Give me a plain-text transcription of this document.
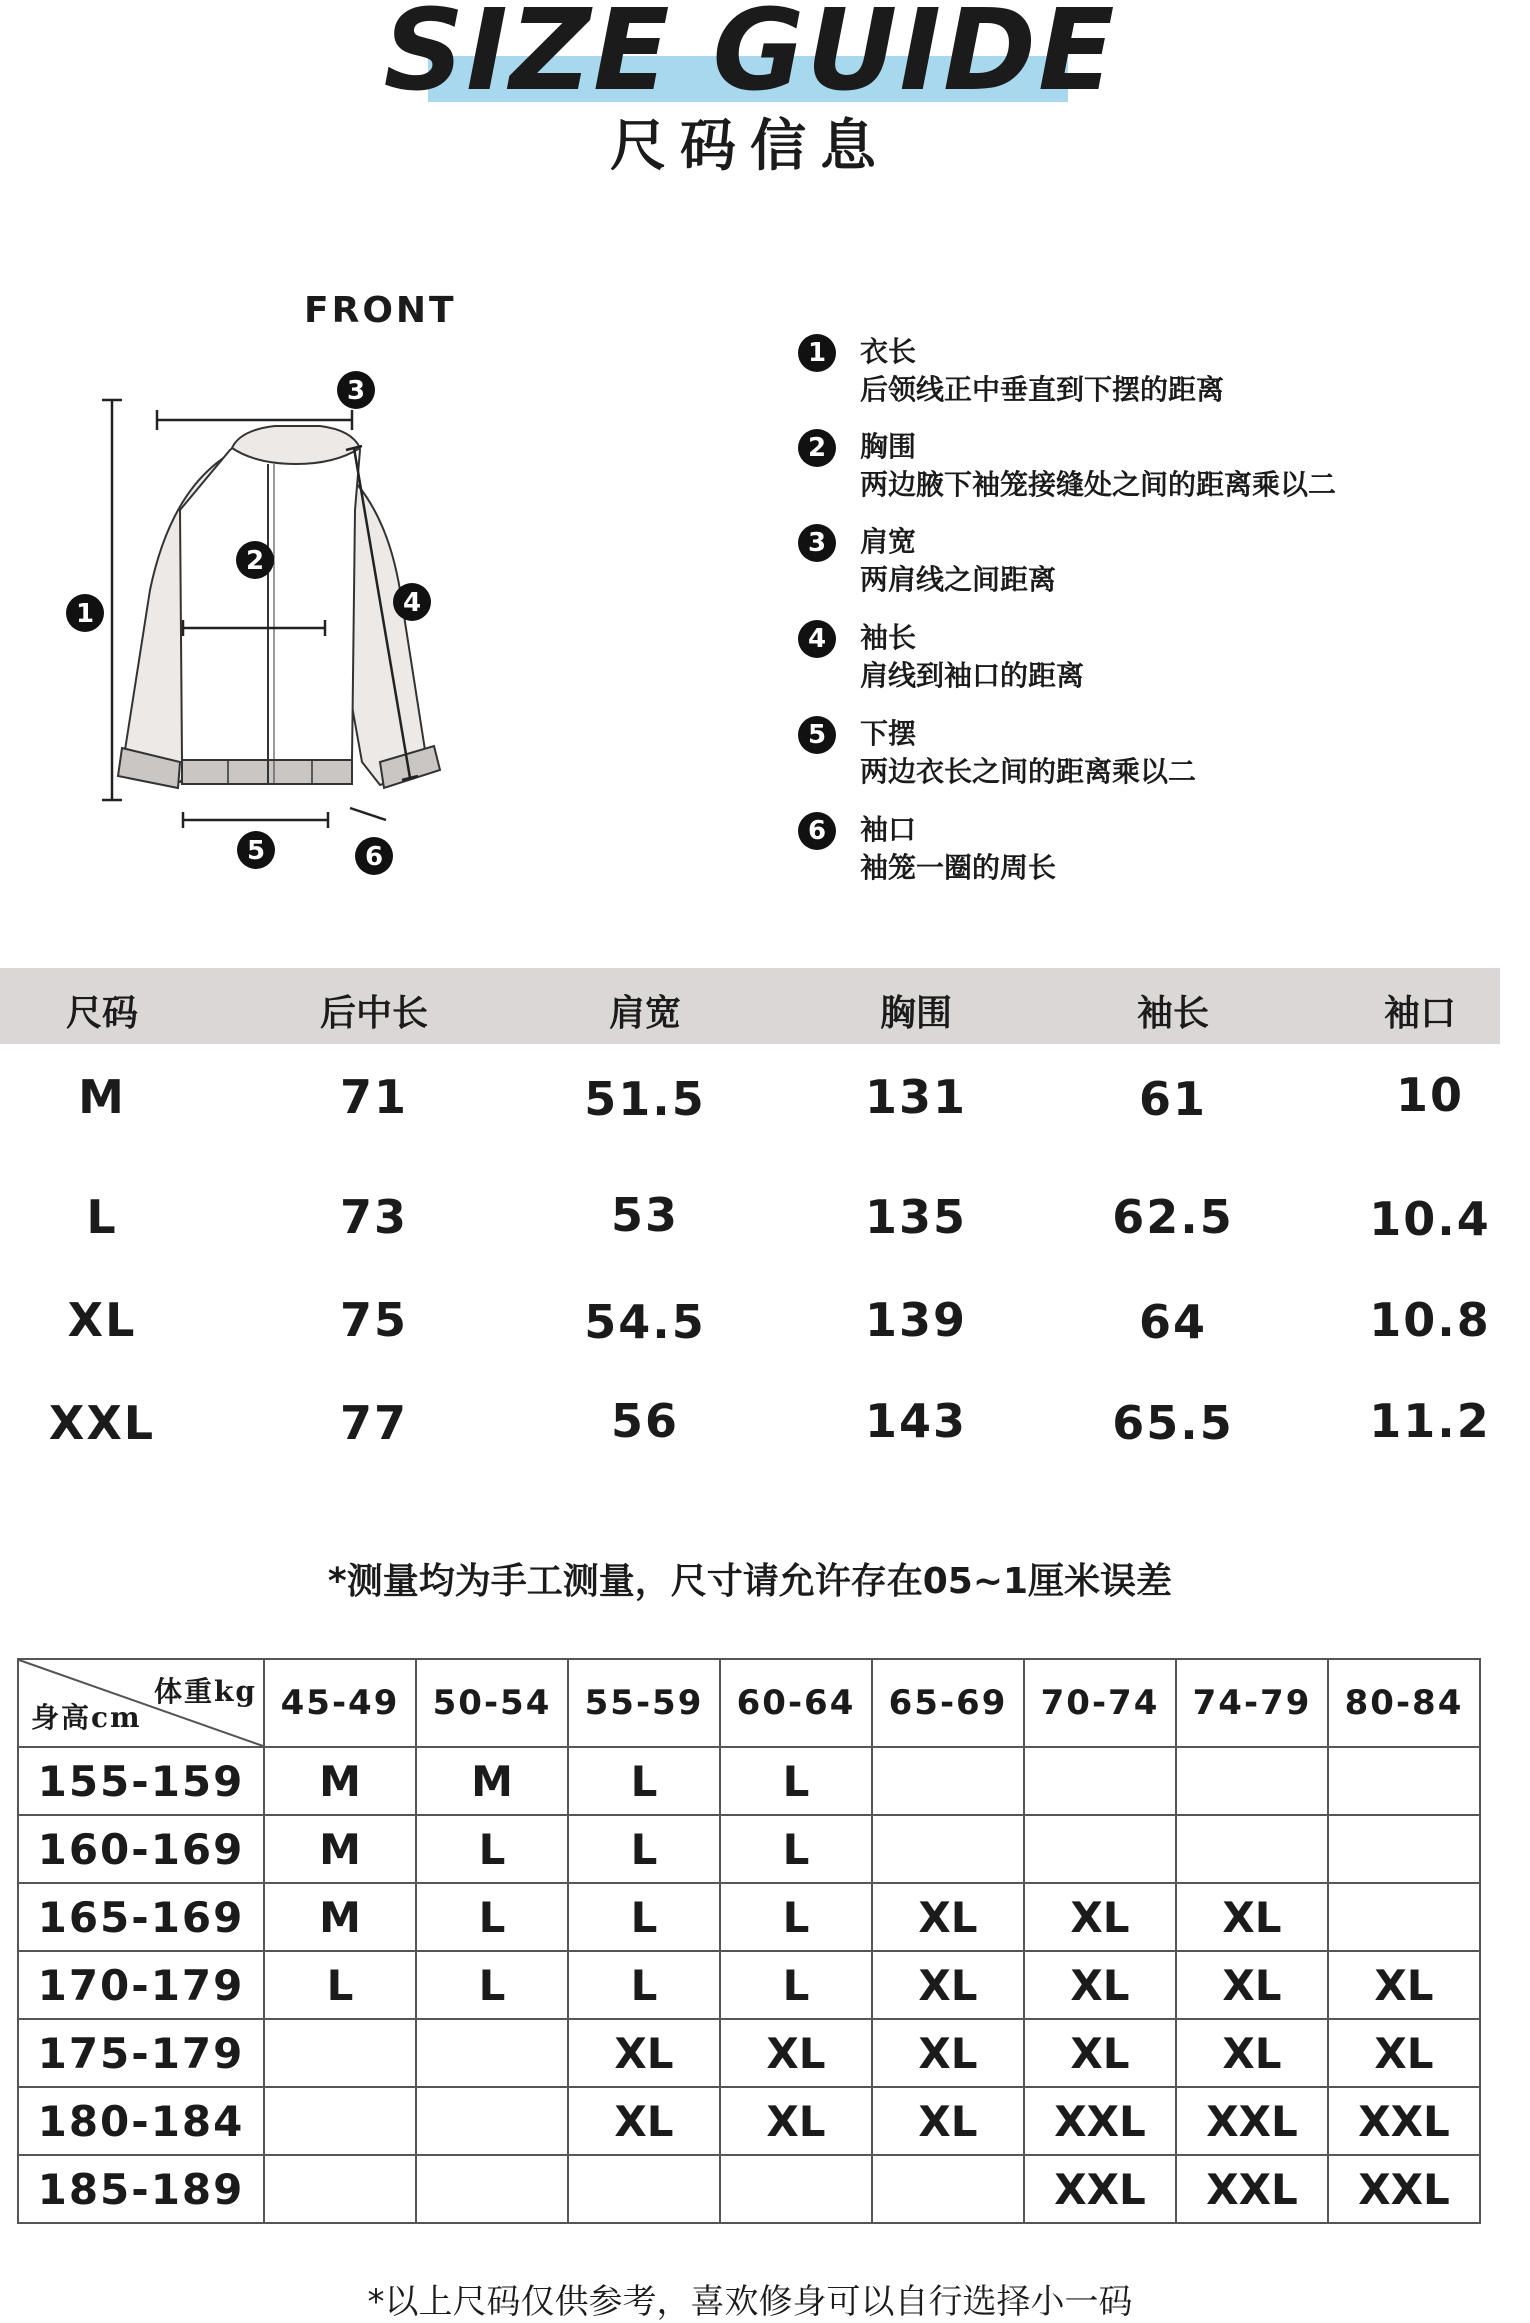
SIZE GUIDE
尺码信息
FRONT
1
2
3
4
5	6
1	衣长
后领线正中垂直到下摆的距离
2	胸围
两边腋下袖笼接缝处之间的距离乘以二
3	肩宽
两肩线之间距离
4	袖长
肩线到袖口的距离
5	下摆
两边衣长之间的距离乘以二
6	袖口
袖笼一圈的周长
尺码	后中长	肩宽	胸围	袖长	袖口
M	71	51.5	131	61	10
L	73	53	135	62.5	10.4
XL	75	54.5	139	64	10.8
XXL	77	56	143	65.5	11.2
*测量均为手工测量，尺寸请允许存在05~1厘米误差
体重kg
身高cm	45-49	50-54	55-59	60-64	65-69	70-74	74-79	80-84
155-159	M	M	L	L				
160-169	M	L	L	L				
165-169	M	L	L	L	XL	XL	XL	
170-179	L	L	L	L	XL	XL	XL	XL
175-179			XL	XL	XL	XL	XL	XL
180-184			XL	XL	XL	XXL	XXL	XXL
185-189						XXL	XXL	XXL
*以上尺码仅供参考，喜欢修身可以自行选择小一码
